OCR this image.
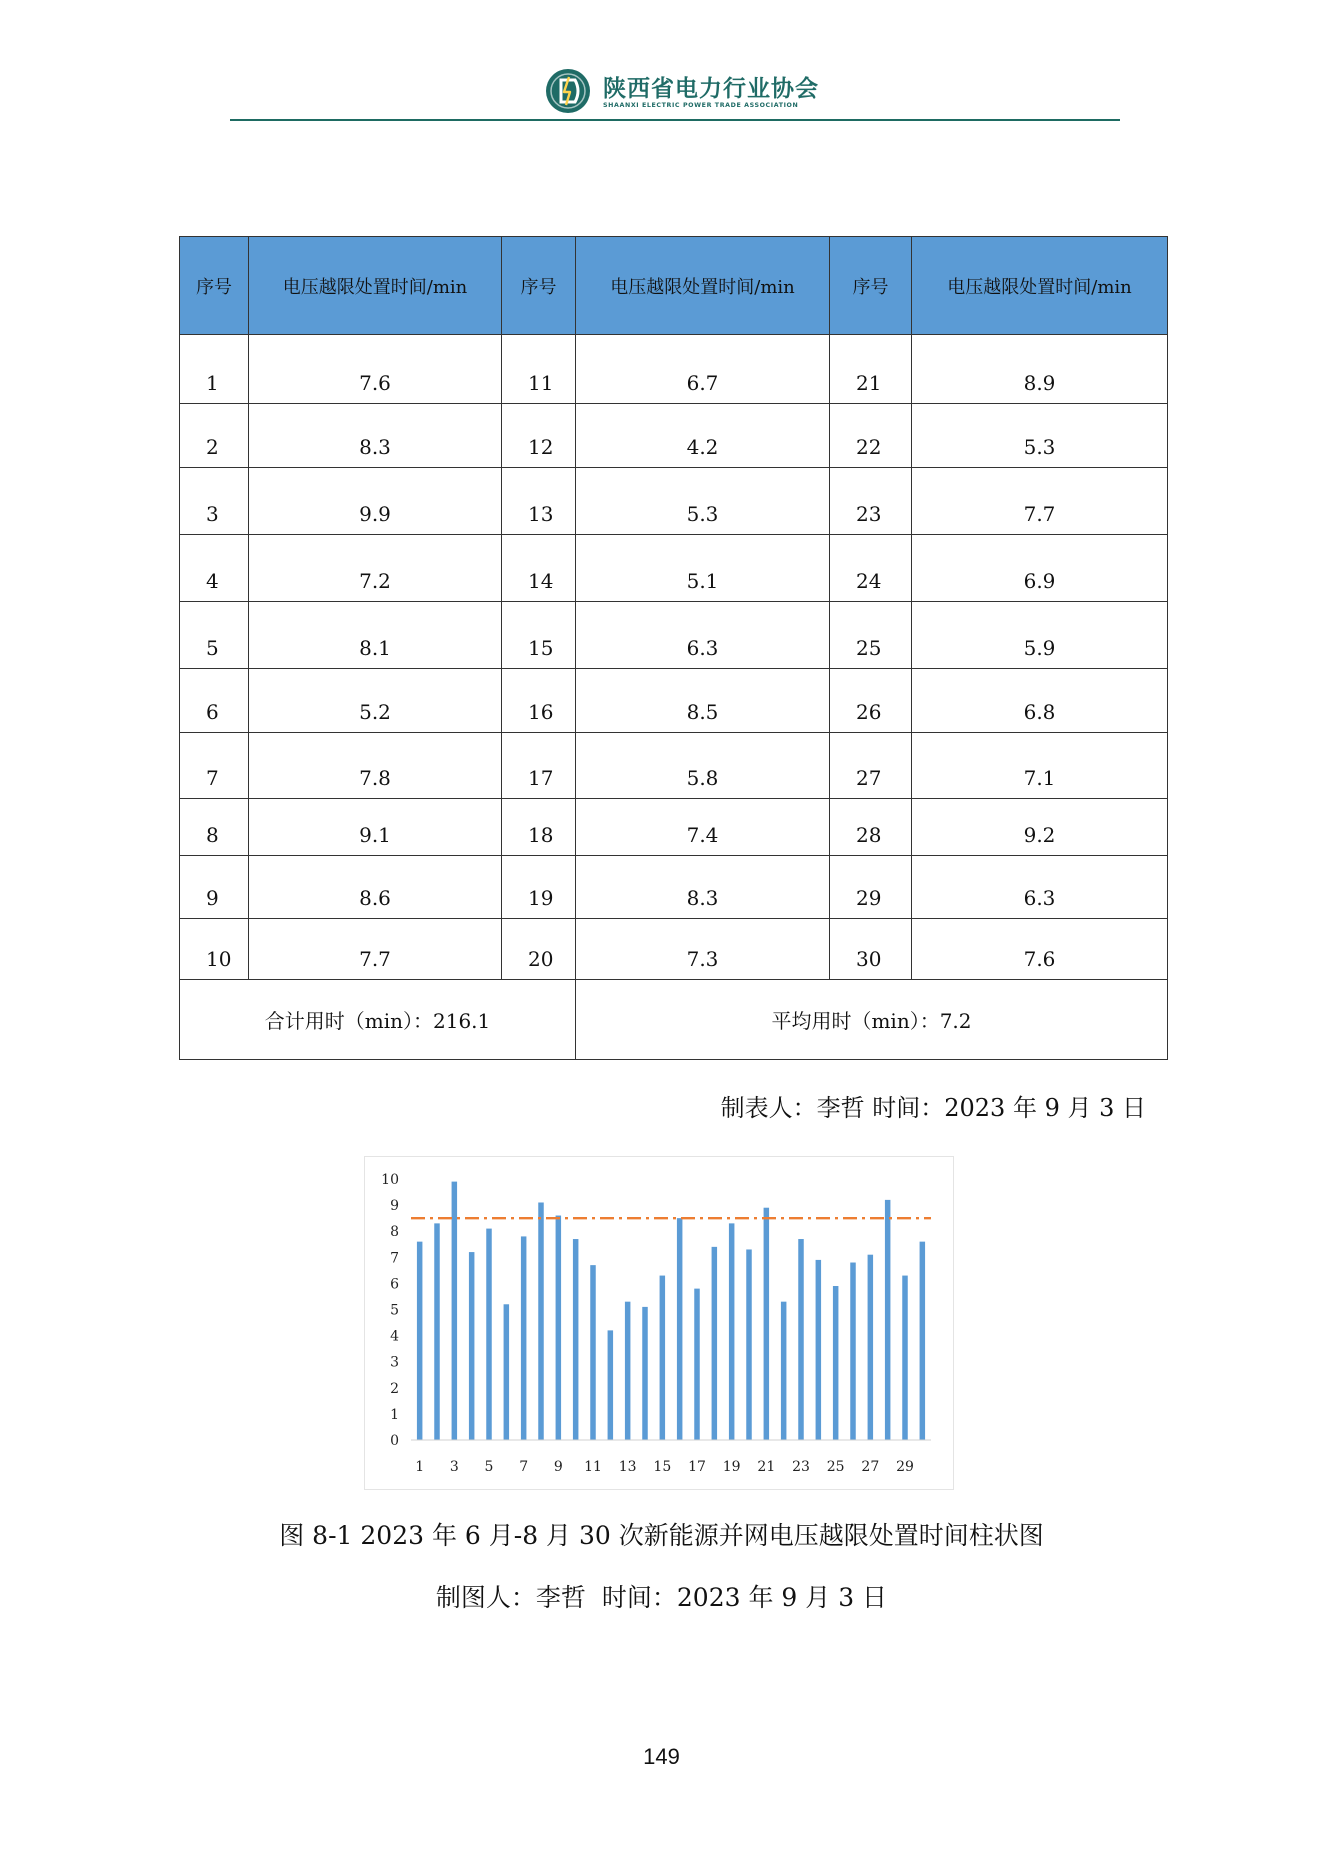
陕西省电力行业协会
SHAANXI ELECTRIC POWER TRADE ASSOCIATION
序号	电压越限处置时间/min	序号	电压越限处置时间/min	序号	电压越限处置时间/min
1	7.6	11	6.7	21	8.9
2	8.3	12	4.2	22	5.3
3	9.9	13	5.3	23	7.7
4	7.2	14	5.1	24	6.9
5	8.1	15	6.3	25	5.9
6	5.2	16	8.5	26	6.8
7	7.8	17	5.8	27	7.1
8	9.1	18	7.4	28	9.2
9	8.6	19	8.3	29	6.3
10	7.7	20	7.3	30	7.6
合计用时（min）：216.1			平均用时（min）：7.2		
制表人：李哲 时间：2023 年 9 月 3 日
0
1
2
3
4
5
6
7
8
9
10
1 3 5 7 9 11 13 15 17 19 21 23 25 27 29
图 8-1 2023 年 6 月-8 月 30 次新能源并网电压越限处置时间柱状图
制图人：李哲 时间：2023 年 9 月 3 日
149
